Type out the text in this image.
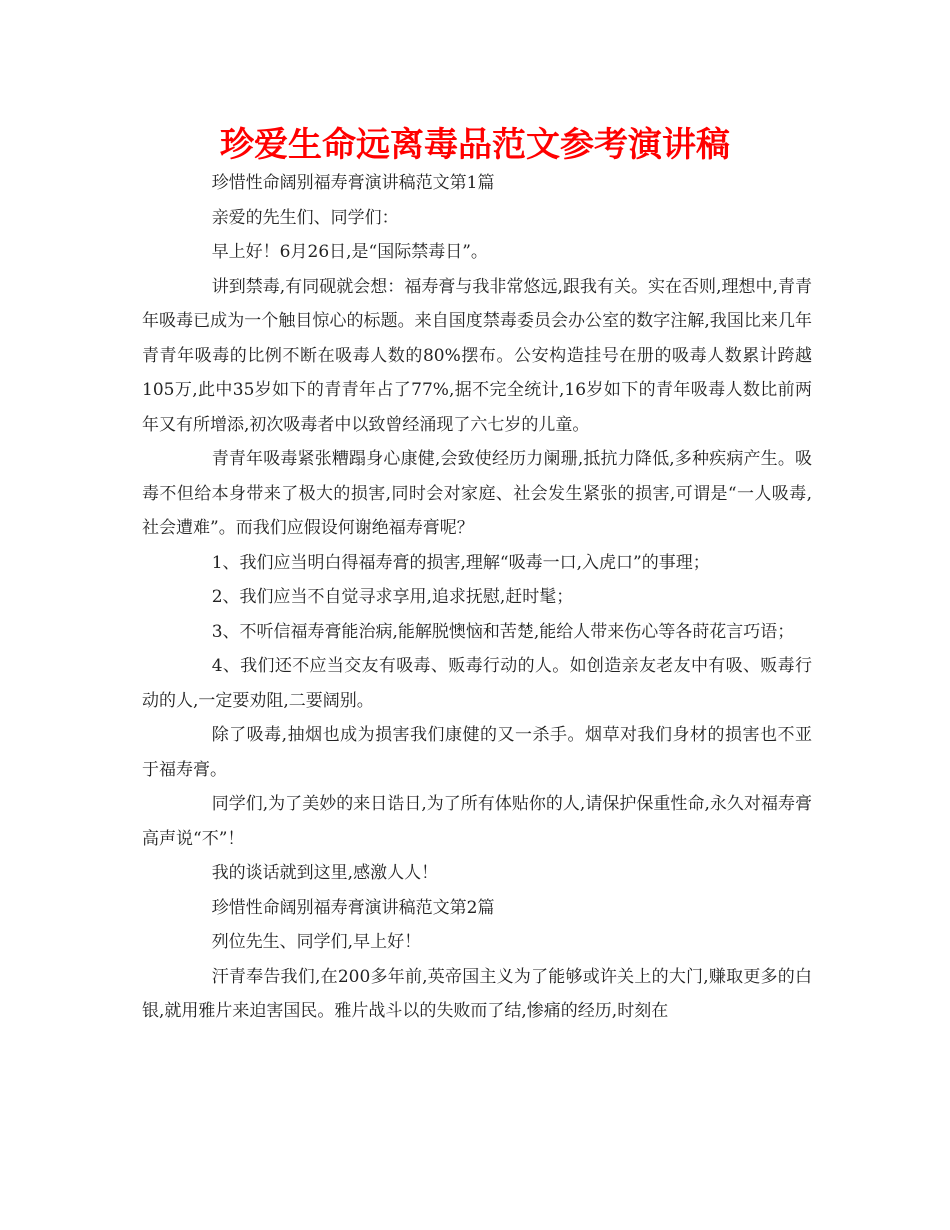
珍爱生命远离毒品范文参考演讲稿

珍惜性命阔别福寿膏演讲稿范文第1篇

亲爱的先生们、同学们：

早上好！6月26日,是“国际禁毒日”。

讲到禁毒,有同砚就会想：福寿膏与我非常悠远,跟我有关。实在否则,理想中,青青年吸毒已成为一个触目惊心的标题。来自国度禁毒委员会办公室的数字注解,我国比来几年青青年吸毒的比例不断在吸毒人数的80%摆布。公安构造挂号在册的吸毒人数累计跨越105万,此中35岁如下的青青年占了77%,据不完全统计,16岁如下的青年吸毒人数比前两年又有所增添,初次吸毒者中以致曾经涌现了六七岁的儿童。

青青年吸毒紧张糟蹋身心康健,会致使经历力阑珊,抵抗力降低,多种疾病产生。吸毒不但给本身带来了极大的损害,同时会对家庭、社会发生紧张的损害,可谓是“一人吸毒,社会遭难”。而我们应假设何谢绝福寿膏呢？

1、我们应当明白得福寿膏的损害,理解“吸毒一口,入虎口”的事理；

2、我们应当不自觉寻求享用,追求抚慰,赶时髦；

3、不听信福寿膏能治病,能解脱懊恼和苦楚,能给人带来伤心等各莳花言巧语；

4、我们还不应当交友有吸毒、贩毒行动的人。如创造亲友老友中有吸、贩毒行动的人,一定要劝阻,二要阔别。

除了吸毒,抽烟也成为损害我们康健的又一杀手。烟草对我们身材的损害也不亚于福寿膏。

同学们,为了美妙的来日诰日,为了所有体贴你的人,请保护保重性命,永久对福寿膏高声说“不”！

我的谈话就到这里,感激人人！

珍惜性命阔别福寿膏演讲稿范文第2篇

列位先生、同学们,早上好！

汗青奉告我们,在200多年前,英帝国主义为了能够或许关上的大门,赚取更多的白银,就用雅片来迫害国民。雅片战斗以的失败而了结,惨痛的经历,时刻在
